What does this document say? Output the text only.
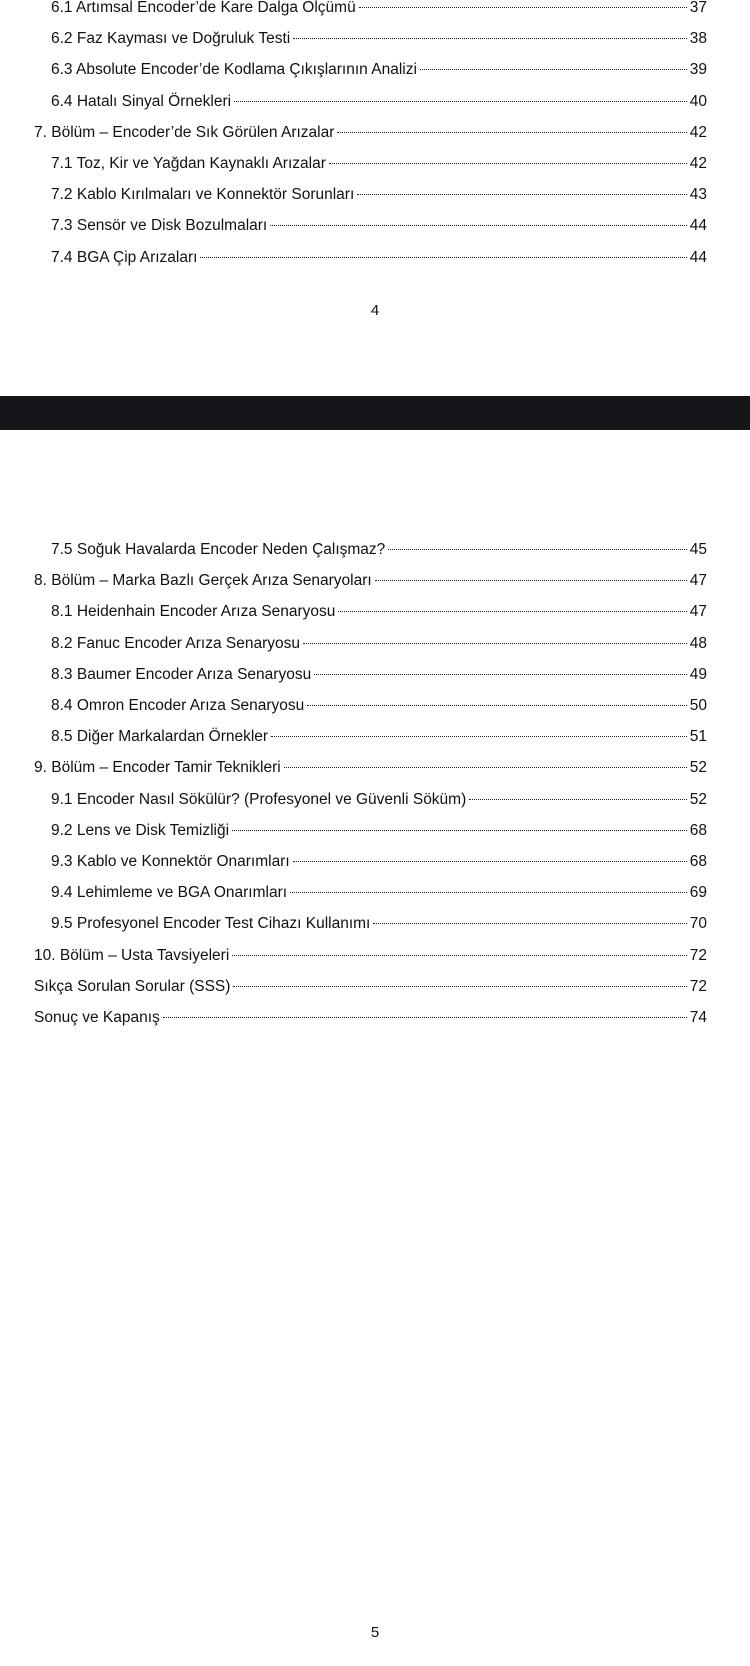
6.1 Artımsal Encoder’de Kare Dalga Ölçümü	37
6.2 Faz Kayması ve Doğruluk Testi	38
6.3 Absolute Encoder’de Kodlama Çıkışlarının Analizi	39
6.4 Hatalı Sinyal Örnekleri	40
7. Bölüm – Encoder’de Sık Görülen Arızalar	42
7.1 Toz, Kir ve Yağdan Kaynaklı Arızalar	42
7.2 Kablo Kırılmaları ve Konnektör Sorunları	43
7.3 Sensör ve Disk Bozulmaları	44
7.4 BGA Çip Arızaları	44
4
7.5 Soğuk Havalarda Encoder Neden Çalışmaz?	45
8. Bölüm – Marka Bazlı Gerçek Arıza Senaryoları	47
8.1 Heidenhain Encoder Arıza Senaryosu	47
8.2 Fanuc Encoder Arıza Senaryosu	48
8.3 Baumer Encoder Arıza Senaryosu	49
8.4 Omron Encoder Arıza Senaryosu	50
8.5 Diğer Markalardan Örnekler	51
9. Bölüm – Encoder Tamir Teknikleri	52
9.1 Encoder Nasıl Sökülür? (Profesyonel ve Güvenli Söküm)	52
9.2 Lens ve Disk Temizliği	68
9.3 Kablo ve Konnektör Onarımları	68
9.4 Lehimleme ve BGA Onarımları	69
9.5 Profesyonel Encoder Test Cihazı Kullanımı	70
10. Bölüm – Usta Tavsiyeleri	72
Sıkça Sorulan Sorular (SSS)	72
Sonuç ve Kapanış	74
5
